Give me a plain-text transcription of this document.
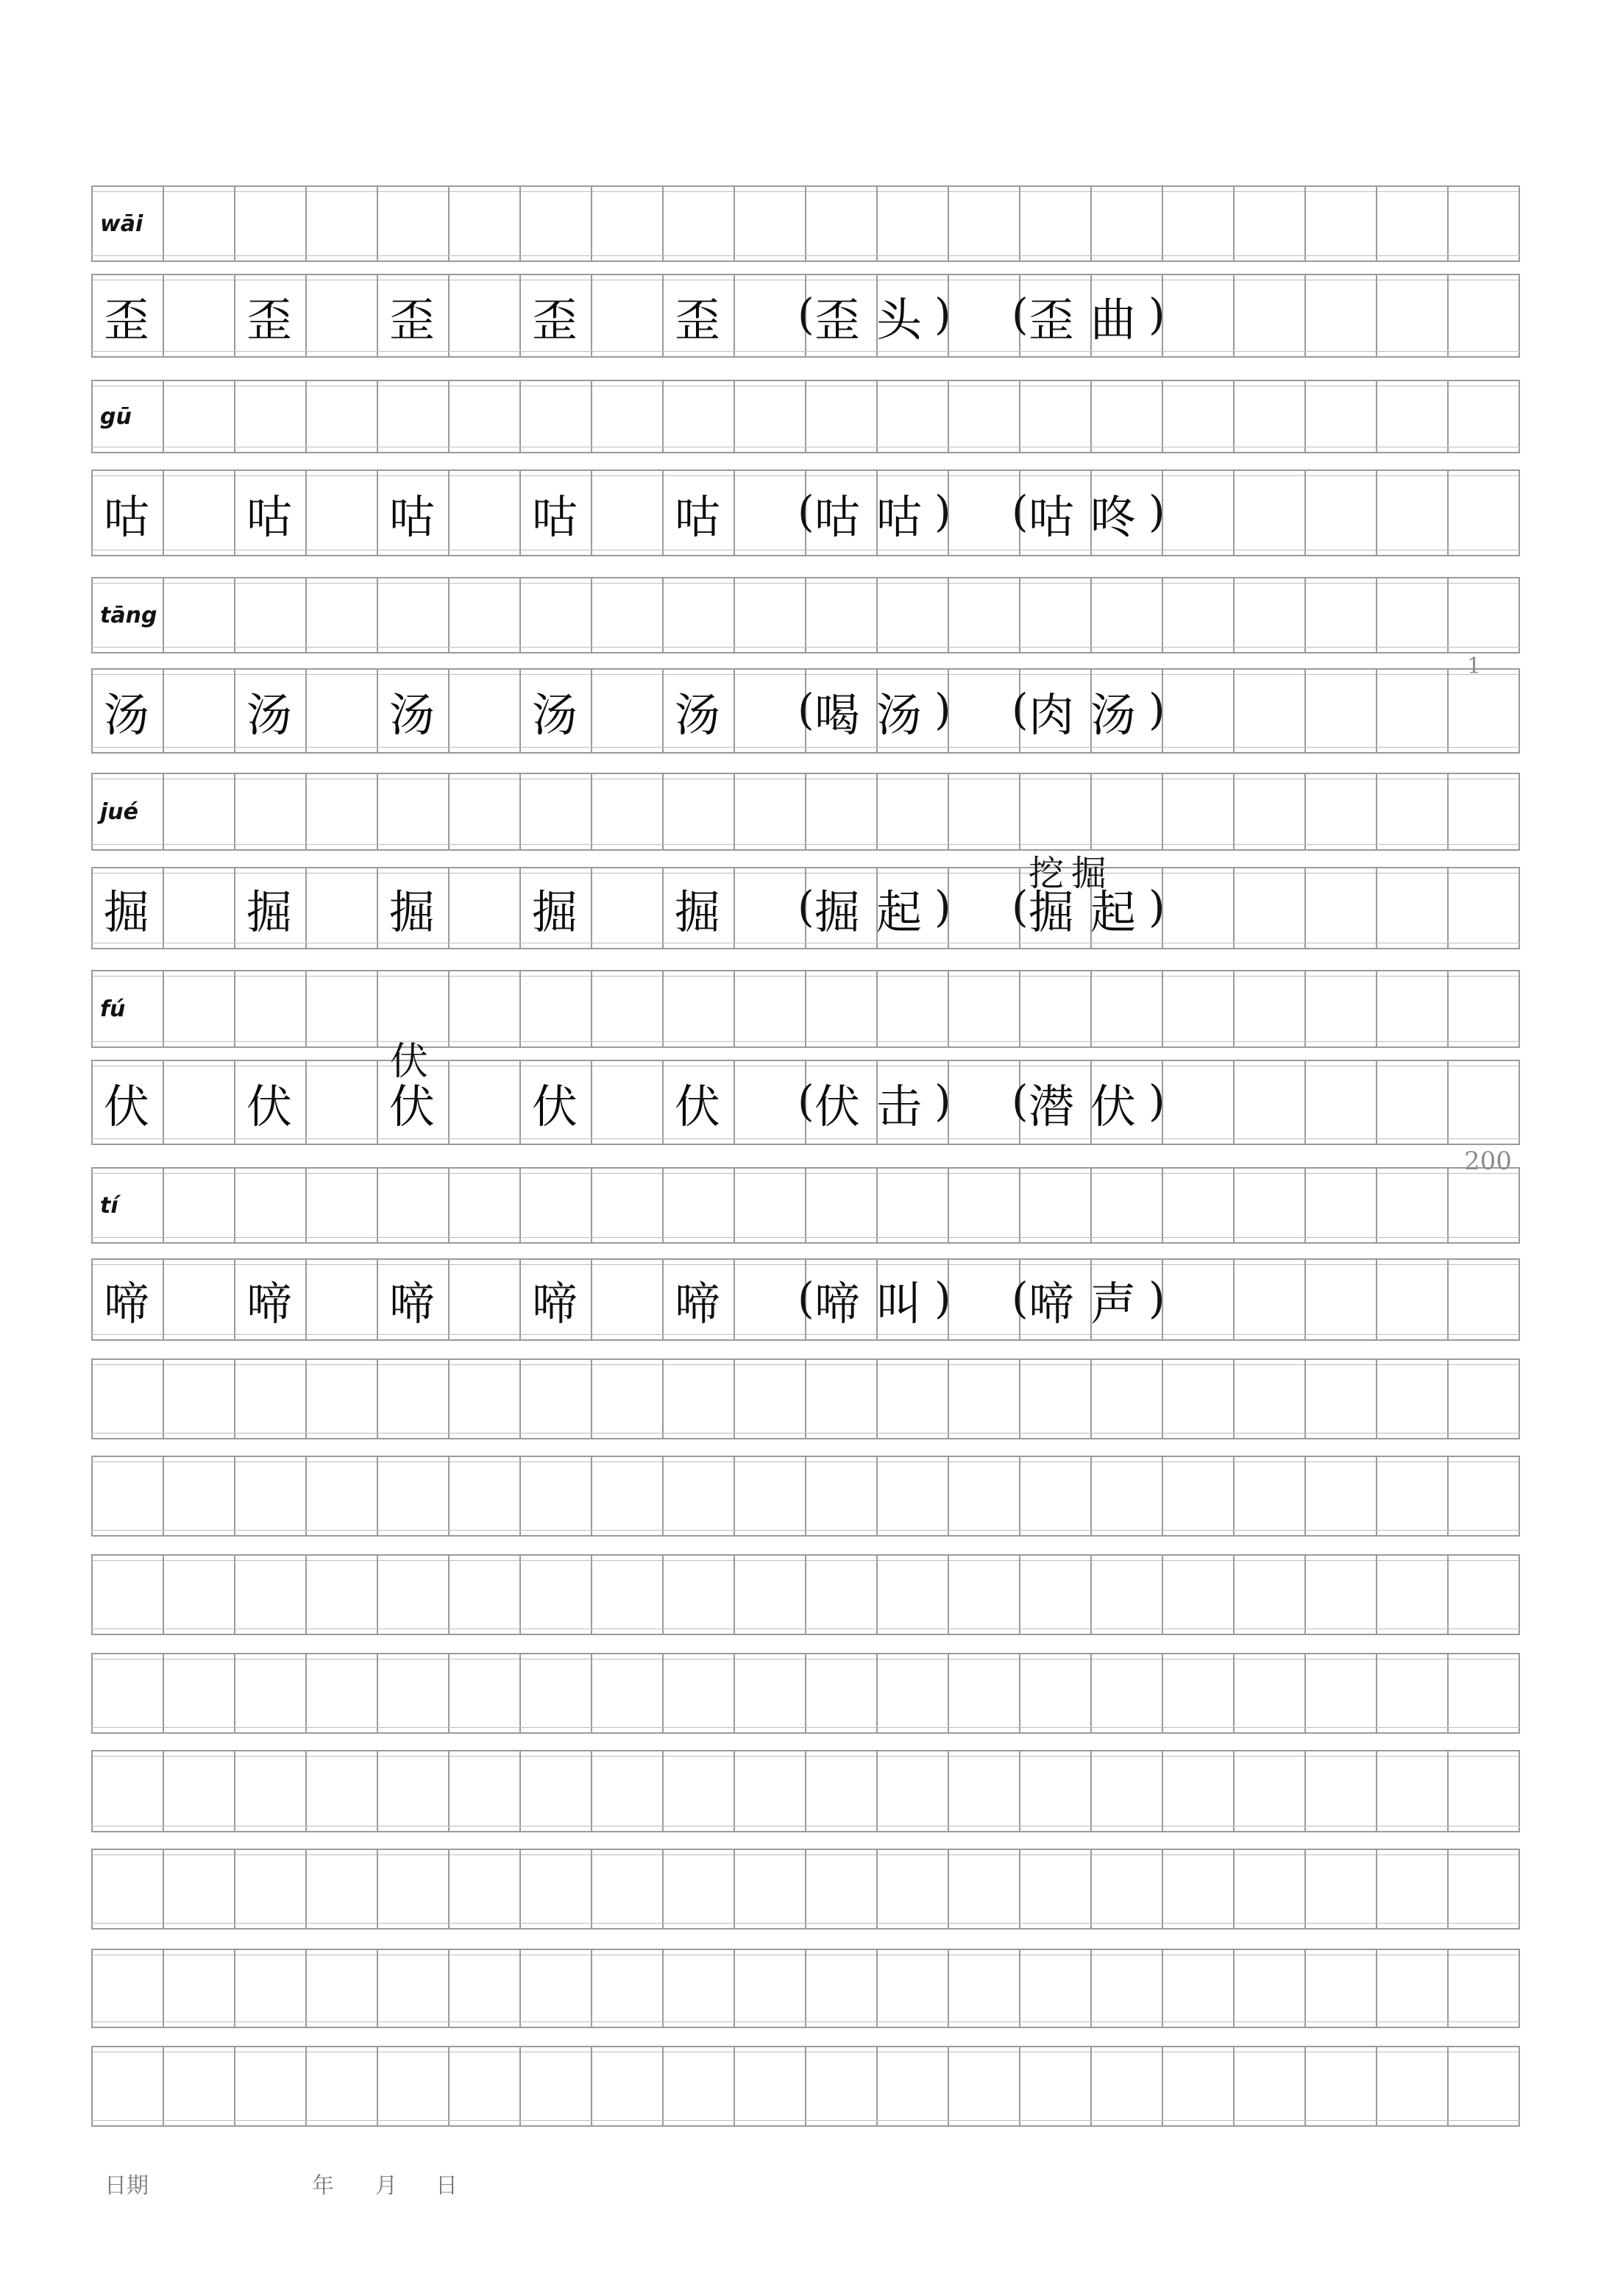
wāi
歪 歪 歪 歪 歪 ( 歪头
) ( 歪曲
)
gū
咕 咕 咕 咕 咕 ( 咕咕
) ( 咕咚
)
tāng
汤 汤 汤 汤 汤 ( 喝汤
) ( 肉汤
)
jué
掘 掘 掘 掘 掘 ( 掘起
) ( 掘起
)
fú
伏 伏 伏 伏 伏 ( 伏击
) ( 潜伏
)
tí
啼 啼 啼 啼 啼 ( 啼叫
) ( 啼声
)
挖掘
伏
1
200
日期	年 月 日
